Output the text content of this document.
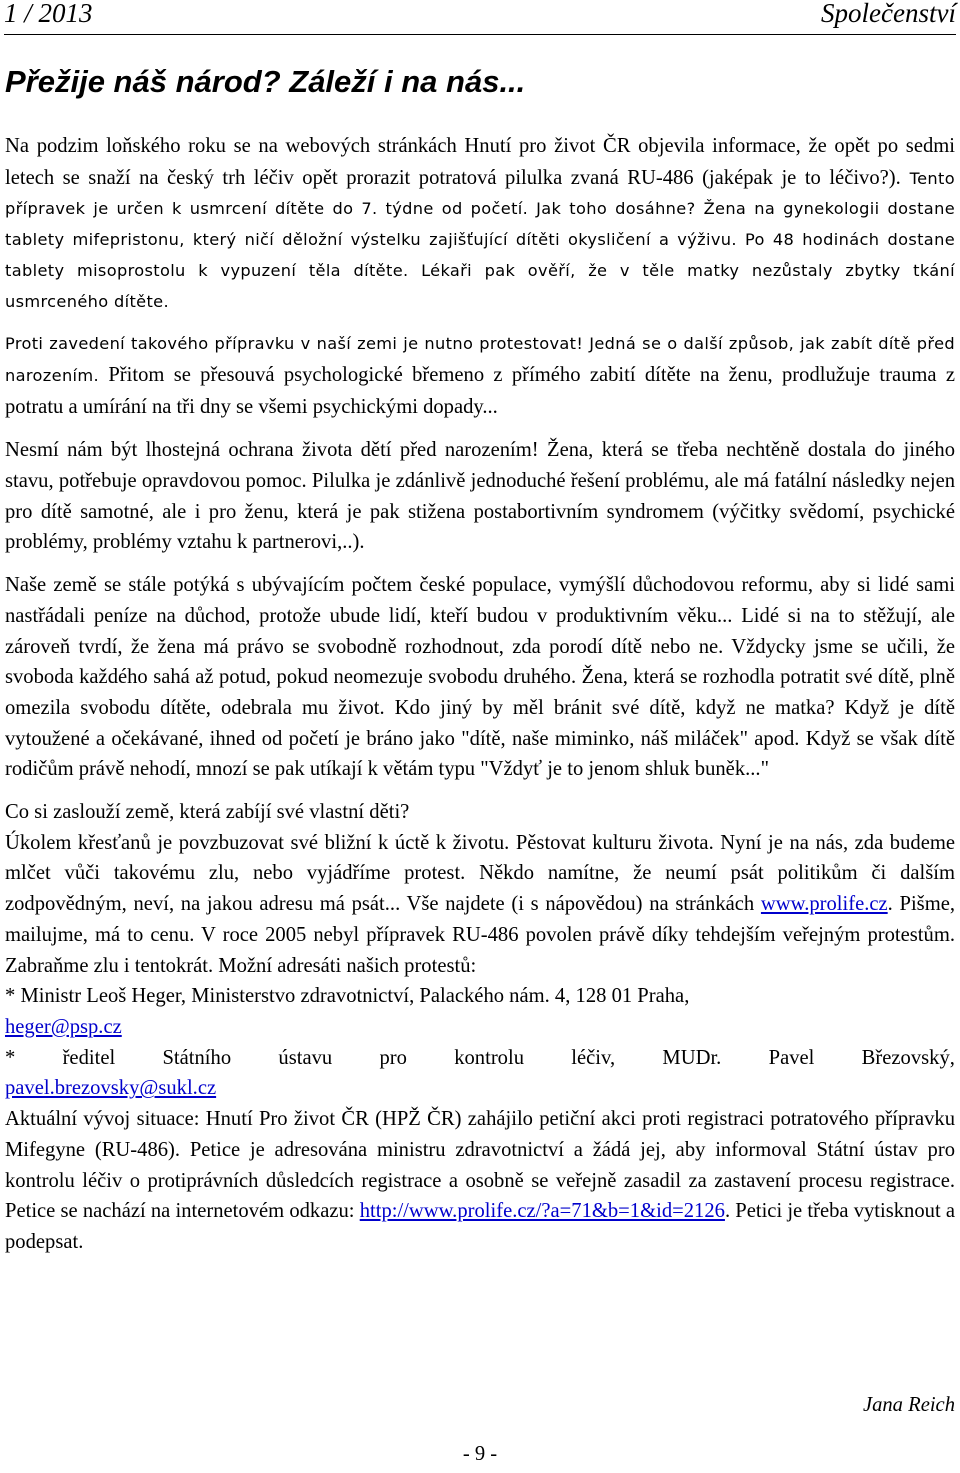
1 / 2013	Společenství
Přežije náš národ? Záleží i na nás...

Na podzim loňského roku se na webových stránkách Hnutí pro život ČR objevila informace, že opět po sedmi letech se snaží na český trh léčiv opět prorazit potratová pilulka zvaná RU-486 (jaképak je to léčivo?). Tento přípravek je určen k usmrcení dítěte do 7. týdne od početí. Jak toho dosáhne? Žena na gynekologii dostane tablety mifepristonu, který ničí děložní výstelku zajišťující dítěti okysličení a výživu. Po 48 hodinách dostane tablety misoprostolu k vypuzení těla dítěte. Lékaři pak ověří, že v těle matky nezůstaly zbytky tkání usmrceného dítěte.

Proti zavedení takového přípravku v naší zemi je nutno protestovat! Jedná se o další způsob, jak zabít dítě před narozením. Přitom se přesouvá psychologické břemeno z přímého zabití dítěte na ženu, prodlužuje trauma z potratu a umírání na tři dny se všemi psychickými dopady...

Nesmí nám být lhostejná ochrana života dětí před narozením! Žena, která se třeba nechtěně dostala do jiného stavu, potřebuje opravdovou pomoc. Pilulka je zdánlivě jednoduché řešení problému, ale má fatální následky nejen pro dítě samotné, ale i pro ženu, která je pak stižena postabortivním syndromem (výčitky svědomí, psychické problémy, problémy vztahu k partnerovi,..).

Naše země se stále potýká s ubývajícím počtem české populace, vymýšlí důchodovou reformu, aby si lidé sami nastřádali peníze na důchod, protože ubude lidí, kteří budou v produktivním věku... Lidé si na to stěžují, ale zároveň tvrdí, že žena má právo se svobodně rozhodnout, zda porodí dítě nebo ne. Vždycky jsme se učili, že svoboda každého sahá až potud, pokud neomezuje svobodu druhého. Žena, která se rozhodla potratit své dítě, plně omezila svobodu dítěte, odebrala mu život. Kdo jiný by měl bránit své dítě, když ne matka? Když je dítě vytoužené a očekávané, ihned od početí je bráno jako "dítě, naše miminko, náš miláček" apod. Když se však dítě rodičům právě nehodí, mnozí se pak utíkají k větám typu "Vždyť je to jenom shluk buněk..."

Co si zaslouží země, která zabíjí své vlastní děti?

Úkolem křesťanů je povzbuzovat své bližní k úctě k životu. Pěstovat kulturu života. Nyní je na nás, zda budeme mlčet vůči takovému zlu, nebo vyjádříme protest. Někdo namítne, že neumí psát politikům či dalším zodpovědným, neví, na jakou adresu má psát... Vše najdete (i s nápovědou) na stránkách www.prolife.cz. Pišme, mailujme, má to cenu. V roce 2005 nebyl přípravek RU-486 povolen právě díky tehdejším veřejným protestům. Zabraňme zlu i tentokrát. Možní adresáti našich protestů:

* Ministr Leoš Heger, Ministerstvo zdravotnictví, Palackého nám. 4, 128 01 Praha,
heger@psp.cz

* ředitel Státního ústavu pro kontrolu léčiv, MUDr. Pavel Březovský,

pavel.brezovsky@sukl.cz

Aktuální vývoj situace: Hnutí Pro život ČR (HPŽ ČR) zahájilo petiční akci proti registraci potratového přípravku Mifegyne (RU-486). Petice je adresována ministru zdravotnictví a žádá jej, aby informoval Státní ústav pro kontrolu léčiv o protiprávních důsledcích registrace a osobně se veřejně zasadil za zastavení procesu registrace. Petice se nachází na internetovém odkazu: http://www.prolife.cz/?a=71&b=1&id=2126. Petici je třeba vytisknout a podepsat.

Jana Reich
- 9 -
